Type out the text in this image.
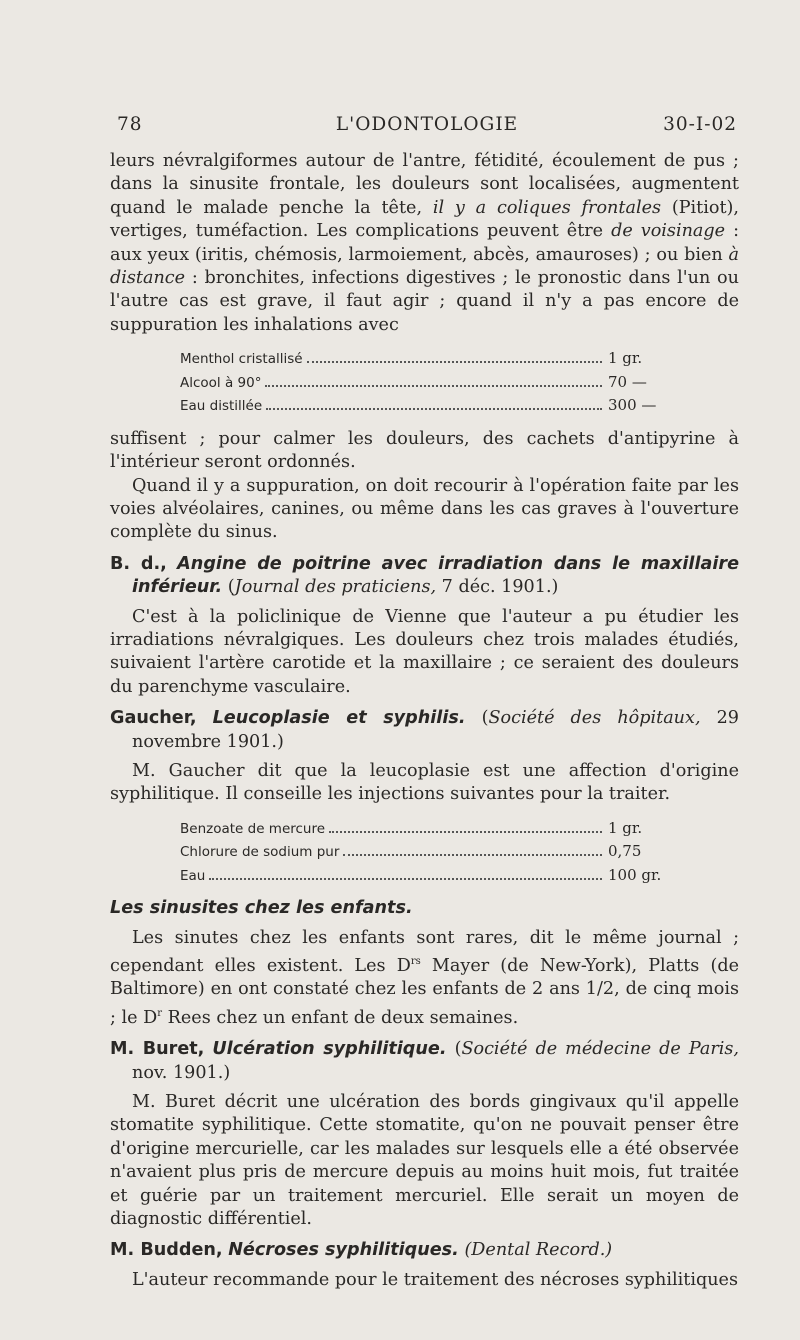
78	L'ODONTOLOGIE	30-I-02

leurs névralgiformes autour de l'antre, fétidité, écoulement de pus ; dans la sinusite frontale, les douleurs sont localisées, augmentent quand le malade penche la tête, il y a coliques frontales (Pitiot), vertiges, tuméfaction. Les complications peuvent être de voisinage : aux yeux (iritis, chémosis, larmoiement, abcès, amauroses) ; ou bien à distance : bronchites, infections digestives ; le pronostic dans l'un ou l'autre cas est grave, il faut agir ; quand il n'y a pas encore de suppuration les inhalations avec

Menthol cristallisé	1 gr.
Alcool à 90°	70 —
Eau distillée	300 —

suffisent ; pour calmer les douleurs, des cachets d'antipyrine à l'intérieur seront ordonnés.

Quand il y a suppuration, on doit recourir à l'opération faite par les voies alvéolaires, canines, ou même dans les cas graves à l'ouverture complète du sinus.

B. d., Angine de poitrine avec irradiation dans le maxillaire inférieur. (Journal des praticiens, 7 déc. 1901.)

C'est à la policlinique de Vienne que l'auteur a pu étudier les irradiations névralgiques. Les douleurs chez trois malades étudiés, suivaient l'artère carotide et la maxillaire ; ce seraient des douleurs du parenchyme vasculaire.

Gaucher, Leucoplasie et syphilis. (Société des hôpitaux, 29 novembre 1901.)

M. Gaucher dit que la leucoplasie est une affection d'origine syphilitique. Il conseille les injections suivantes pour la traiter.

Benzoate de mercure	1 gr.
Chlorure de sodium pur	0,75
Eau	100 gr.

Les sinusites chez les enfants.

Les sinutes chez les enfants sont rares, dit le même journal ; cependant elles existent. Les $D^{rs}$ Mayer (de New-York), Platts (de Baltimore) en ont constaté chez les enfants de 2 ans 1/2, de cinq mois ; le $D^r$ Rees chez un enfant de deux semaines.

M. Buret, Ulcération syphilitique. (Société de médecine de Paris, nov. 1901.)

M. Buret décrit une ulcération des bords gingivaux qu'il appelle stomatite syphilitique. Cette stomatite, qu'on ne pouvait penser être d'origine mercurielle, car les malades sur lesquels elle a été observée n'avaient plus pris de mercure depuis au moins huit mois, fut traitée et guérie par un traitement mercuriel. Elle serait un moyen de diagnostic différentiel.

M. Budden, Nécroses syphilitiques. (Dental Record.)

L'auteur recommande pour le traitement des nécroses syphilitiques
